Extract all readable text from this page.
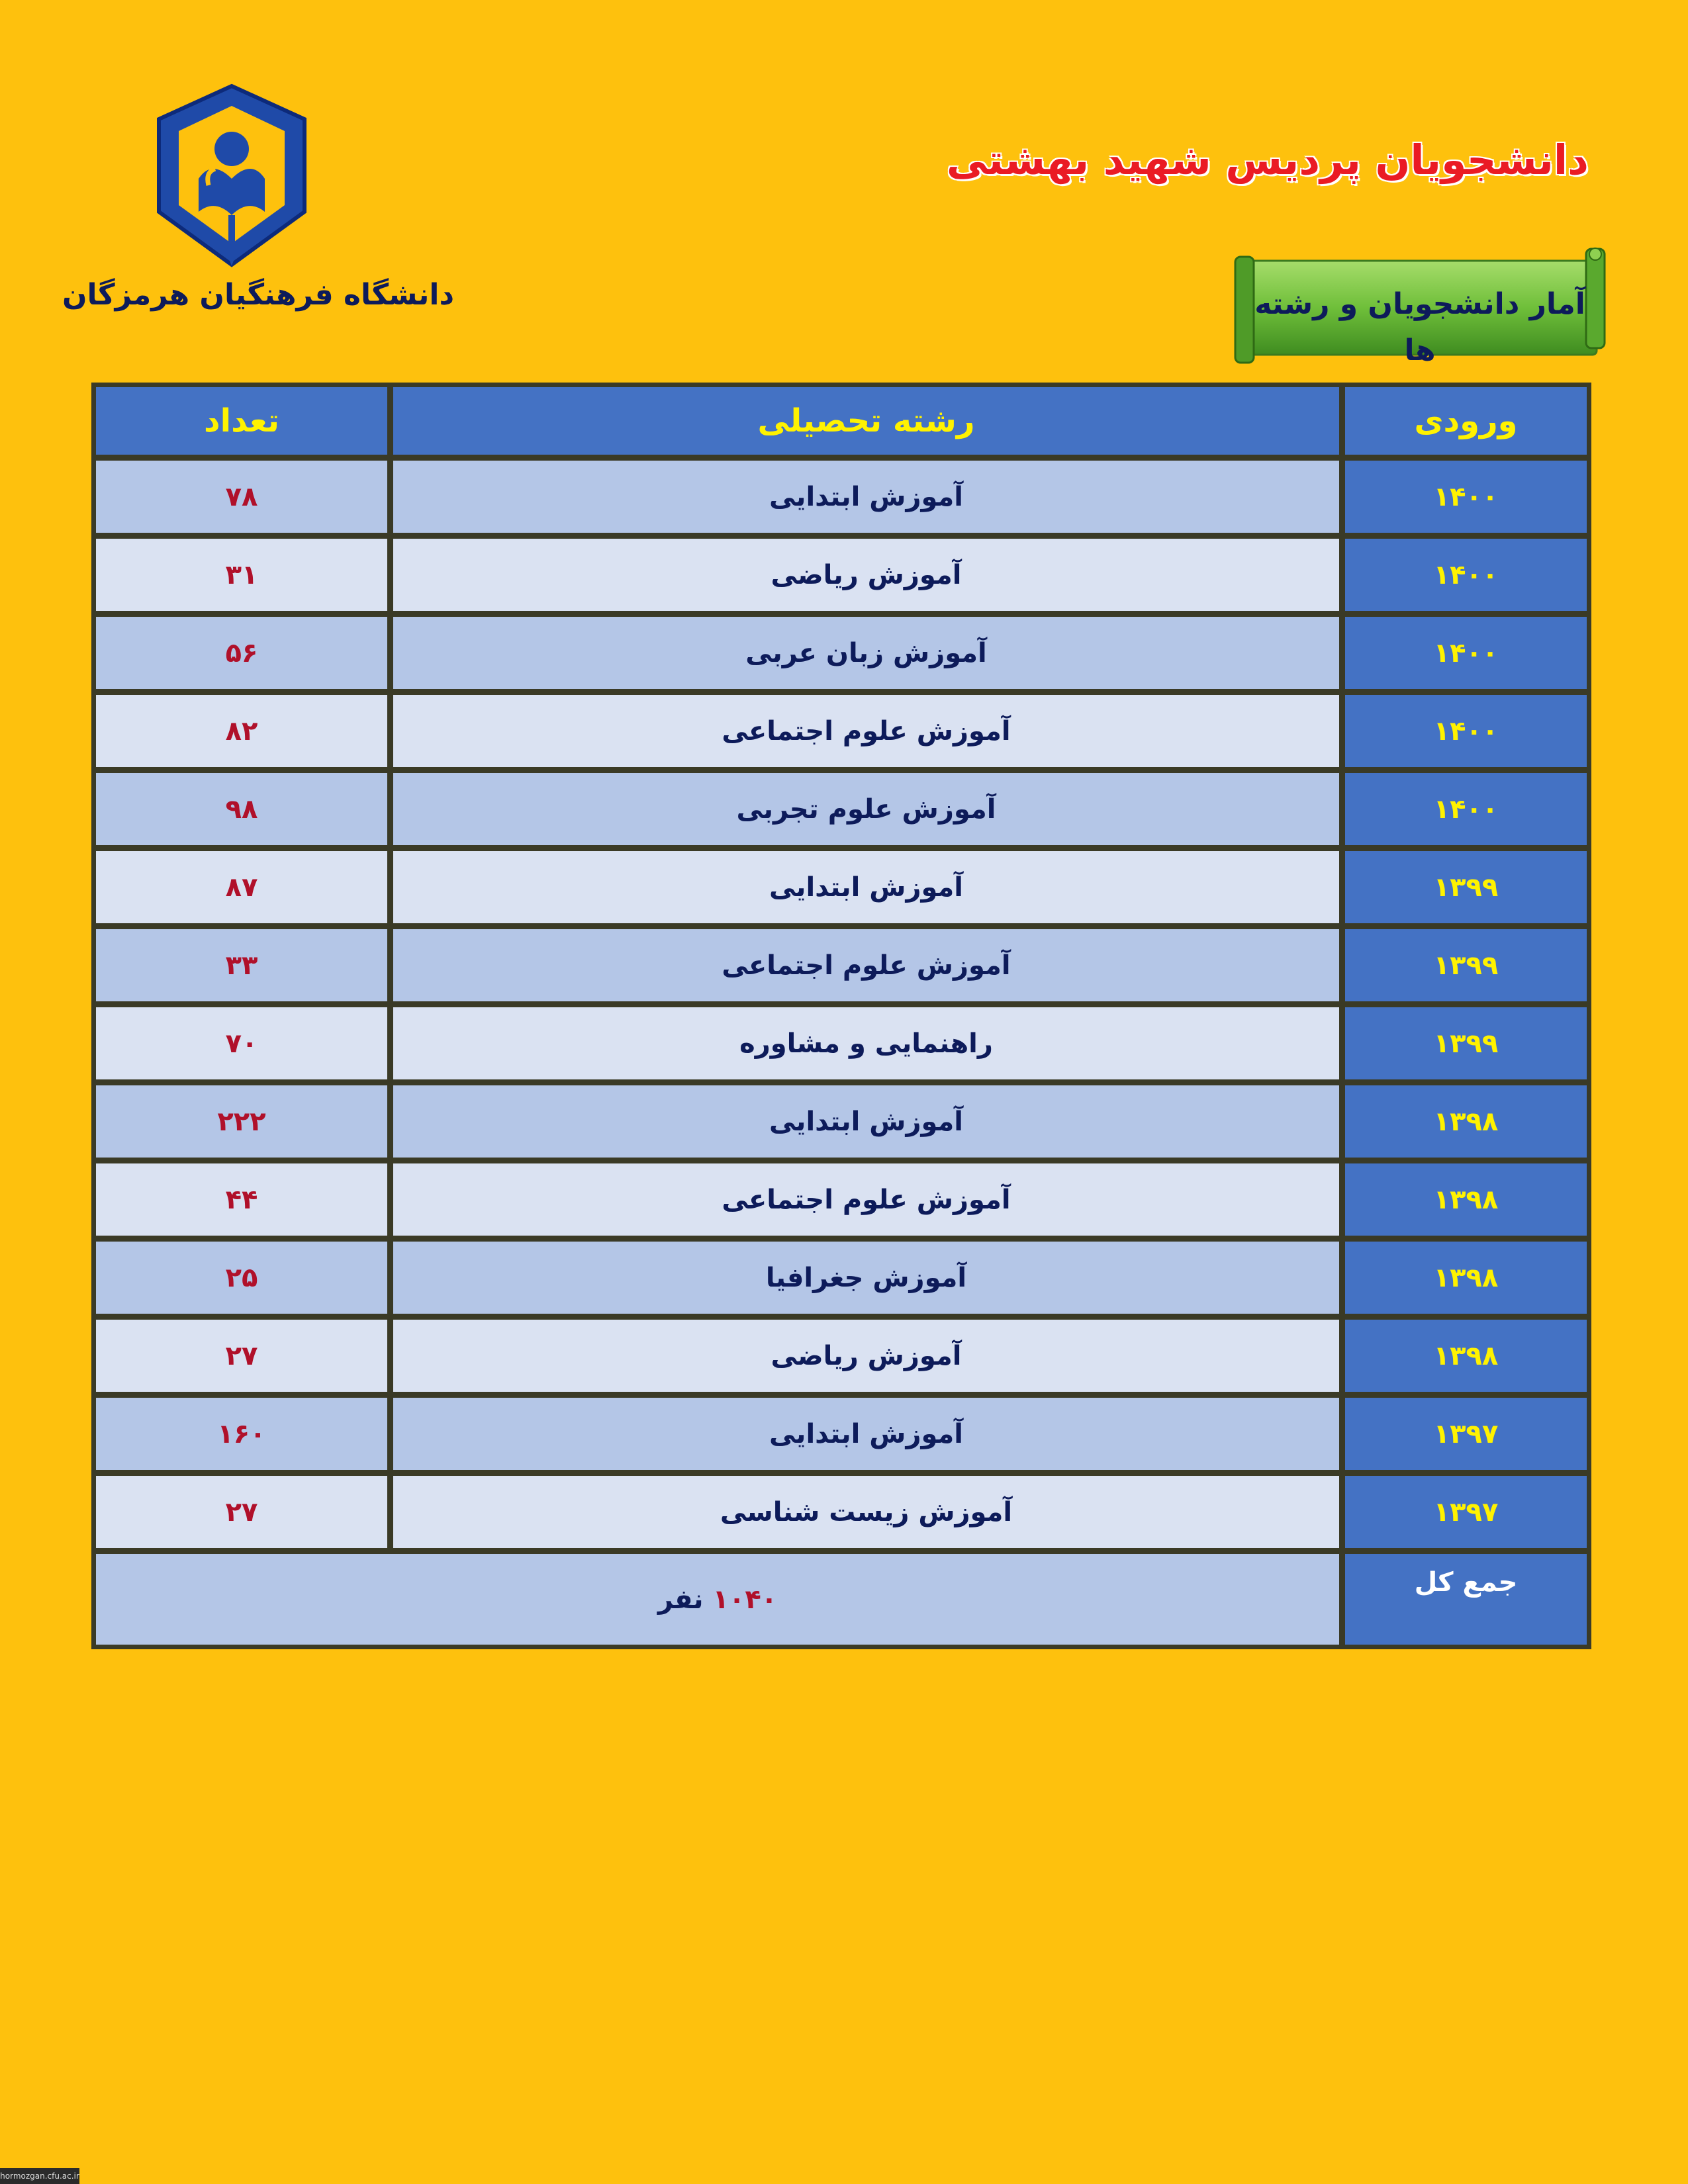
دانشگاه فرهنگیان هرمزگان
دانشجویان پردیس شهید بهشتی
آمار دانشجویان و رشته ها
ورودی	رشته تحصیلی	تعداد
۱۴۰۰	آموزش ابتدایی	۷۸
۱۴۰۰	آموزش ریاضی	۳۱
۱۴۰۰	آموزش زبان عربی	۵۶
۱۴۰۰	آموزش علوم اجتماعی	۸۲
۱۴۰۰	آموزش علوم تجربی	۹۸
۱۳۹۹	آموزش ابتدایی	۸۷
۱۳۹۹	آموزش علوم اجتماعی	۳۳
۱۳۹۹	راهنمایی و مشاوره	۷۰
۱۳۹۸	آموزش ابتدایی	۲۲۲
۱۳۹۸	آموزش علوم اجتماعی	۴۴
۱۳۹۸	آموزش جغرافیا	۲۵
۱۳۹۸	آموزش ریاضی	۲۷
۱۳۹۷	آموزش ابتدایی	۱۶۰
۱۳۹۷	آموزش زیست شناسی	۲۷
جمع کل	۱۰۴۰ نفر	
hormozgan.cfu.ac.ir
